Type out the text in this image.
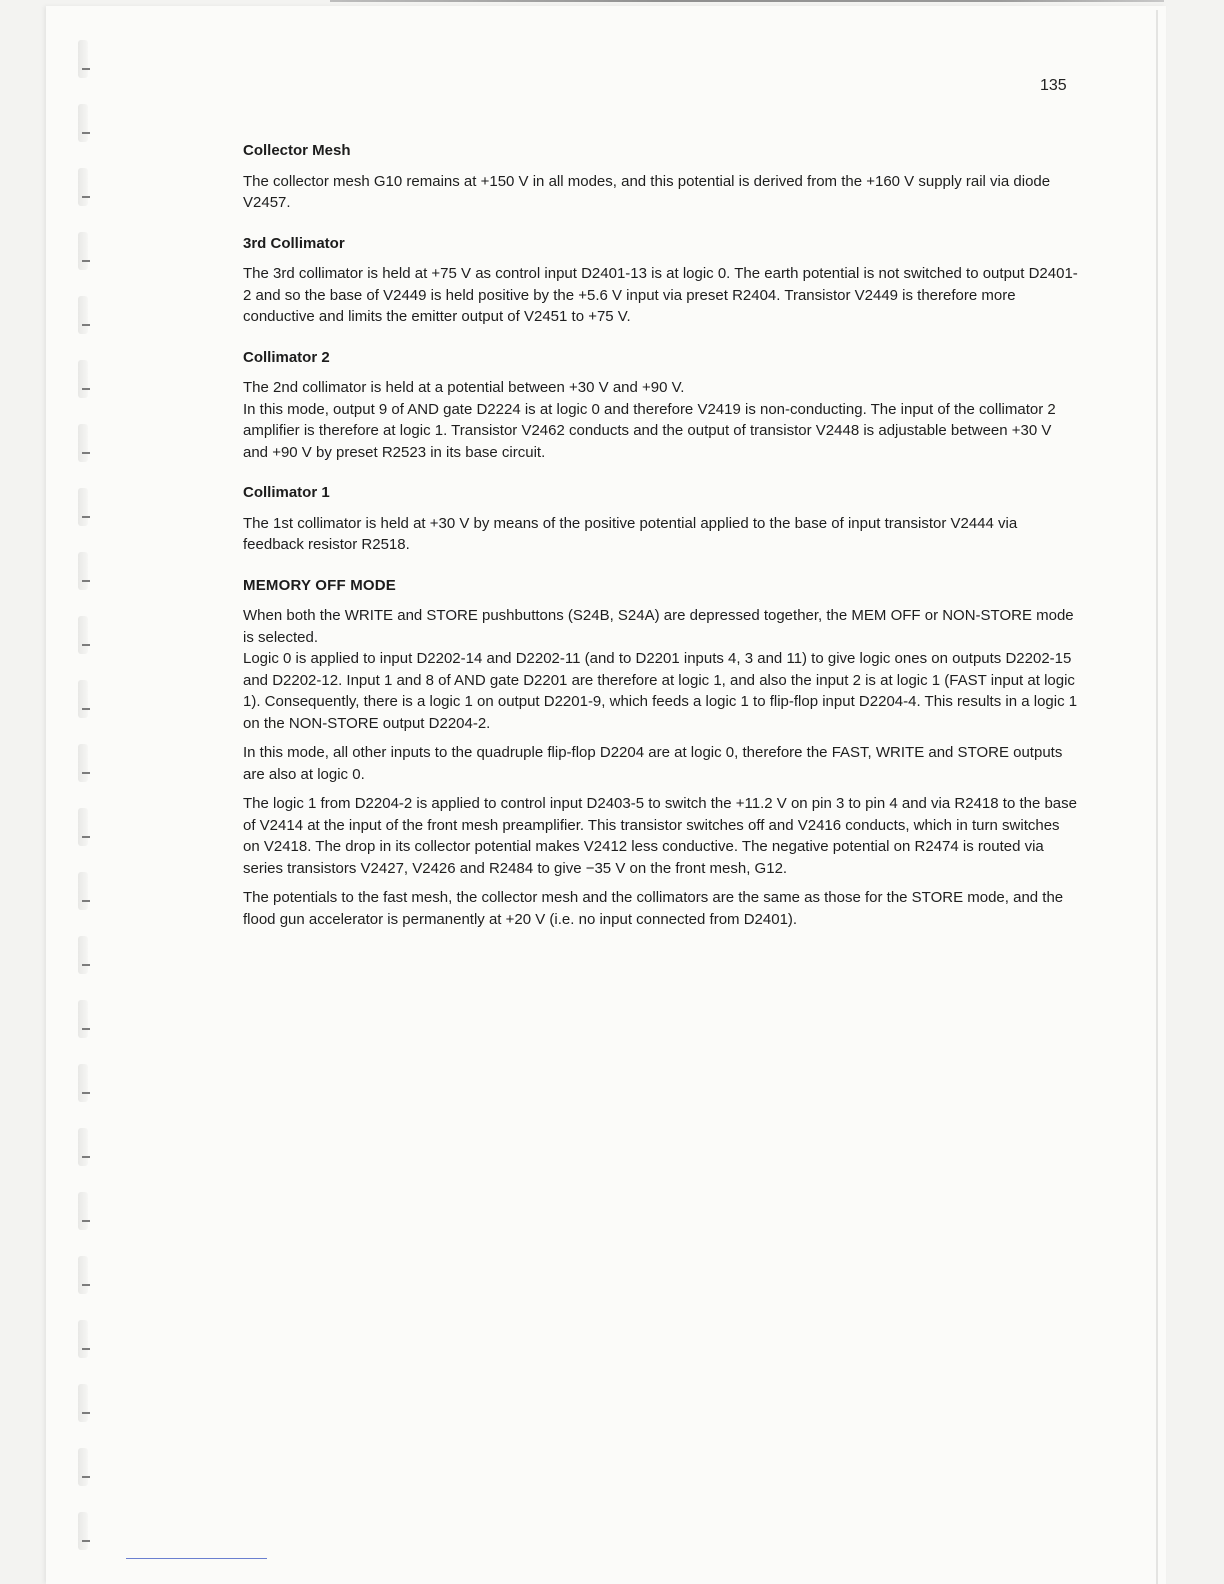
135
Collector Mesh

The collector mesh G10 remains at +150 V in all modes, and this potential is derived from the +160 V supply rail via diode V2457.

3rd Collimator

The 3rd collimator is held at +75 V as control input D2401-13 is at logic 0. The earth potential is not switched to output D2401-2 and so the base of V2449 is held positive by the +5.6 V input via preset R2404. Transistor V2449 is therefore more conductive and limits the emitter output of V2451 to +75 V.

Collimator 2

The 2nd collimator is held at a potential between +30 V and +90 V.

In this mode, output 9 of AND gate D2224 is at logic 0 and therefore V2419 is non-conducting. The input of the collimator 2 amplifier is therefore at logic 1. Transistor V2462 conducts and the output of transistor V2448 is adjustable between +30 V and +90 V by preset R2523 in its base circuit.

Collimator 1

The 1st collimator is held at +30 V by means of the positive potential applied to the base of input transistor V2444 via feedback resistor R2518.

MEMORY OFF MODE

When both the WRITE and STORE pushbuttons (S24B, S24A) are depressed together, the MEM OFF or NON-STORE mode is selected.

Logic 0 is applied to input D2202-14 and D2202-11 (and to D2201 inputs 4, 3 and 11) to give logic ones on outputs D2202-15 and D2202-12. Input 1 and 8 of AND gate D2201 are therefore at logic 1, and also the input 2 is at logic 1 (FAST input at logic 1). Consequently, there is a logic 1 on output D2201-9, which feeds a logic 1 to flip-flop input D2204-4. This results in a logic 1 on the NON-STORE output D2204-2.

In this mode, all other inputs to the quadruple flip-flop D2204 are at logic 0, therefore the FAST, WRITE and STORE outputs are also at logic 0.

The logic 1 from D2204-2 is applied to control input D2403-5 to switch the +11.2 V on pin 3 to pin 4 and via R2418 to the base of V2414 at the input of the front mesh preamplifier. This transistor switches off and V2416 conducts, which in turn switches on V2418. The drop in its collector potential makes V2412 less conductive. The negative potential on R2474 is routed via series transistors V2427, V2426 and R2484 to give −35 V on the front mesh, G12.

The potentials to the fast mesh, the collector mesh and the collimators are the same as those for the STORE mode, and the flood gun accelerator is permanently at +20 V (i.e. no input connected from D2401).
